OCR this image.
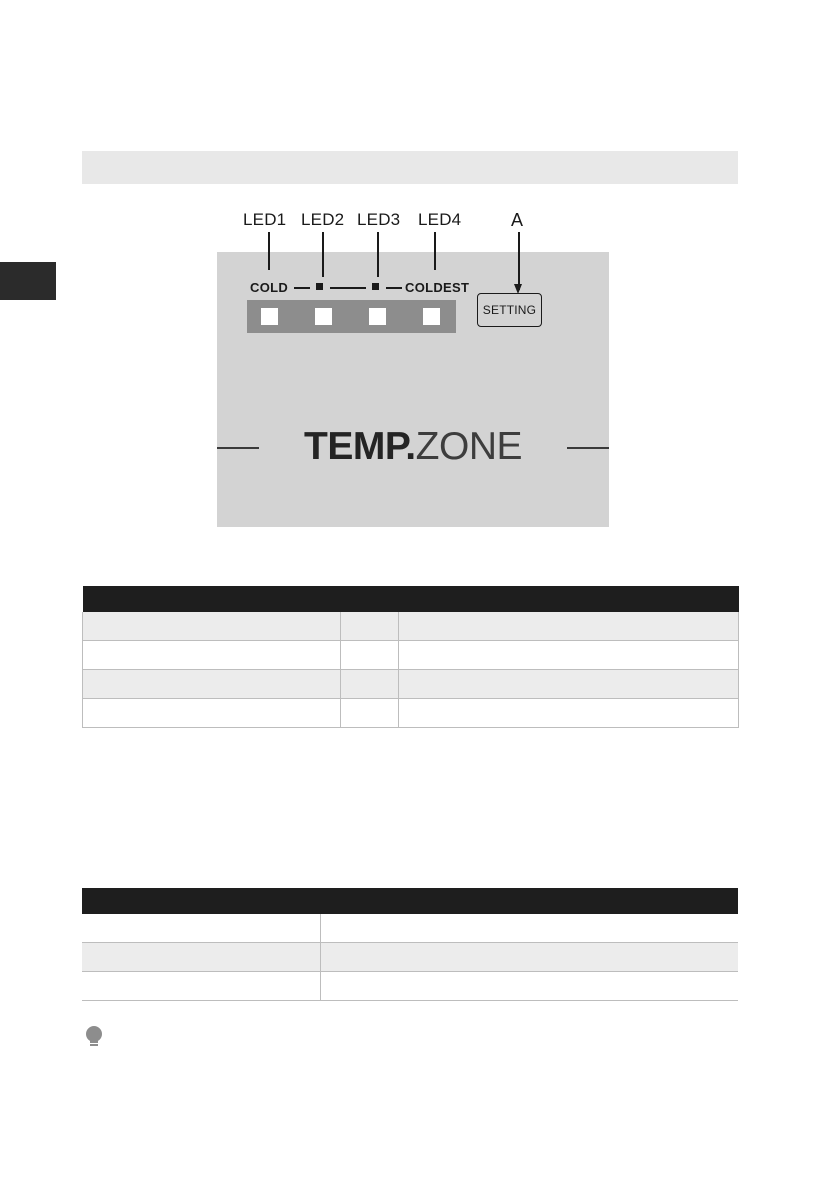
LED1 LED2 LED3 LED4	A
COLD	COLDEST
SETTING
TEMP.ZONE
